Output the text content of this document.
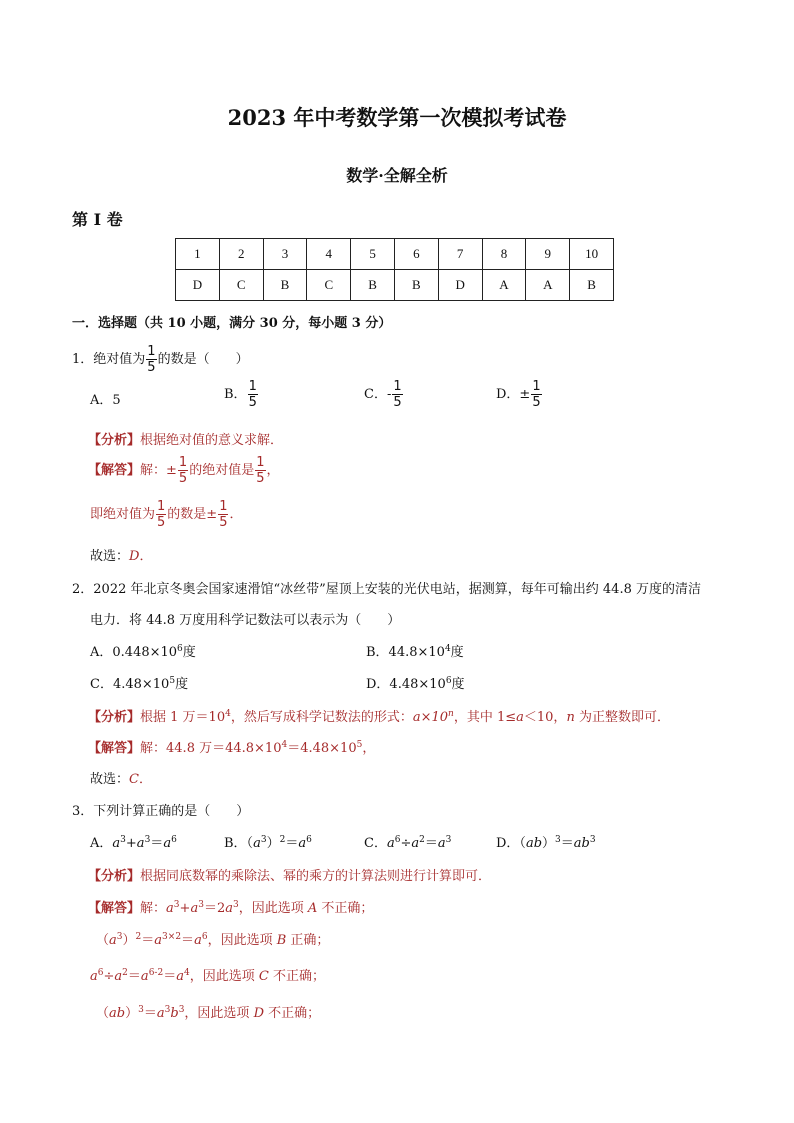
2023 年中考数学第一次模拟考试卷
数学·全解全析
第 I 卷
1	2	3	4	5	6	7	8	9	10
D	C	B	C	B	B	D	A	A	B
一．选择题（共 10 小题，满分 30 分，每小题 3 分）
1．绝对值为 $\frac{1}{5}$ 的数是（　　）
A．5	B． $\frac{1}{5}$	C．- $\frac{1}{5}$	D．± $\frac{1}{5}$
【分析】根据绝对值的意义求解．
【解答】解：± $\frac{1}{5}$ 的绝对值是 $\frac{1}{5}$ ，
即绝对值为 $\frac{1}{5}$ 的数是± $\frac{1}{5}$ ．
故选：D．
2．2022 年北京冬奥会国家速滑馆“冰丝带”屋顶上安装的光伏电站，据测算，每年可输出约 44.8 万度的清洁
电力．将 44.8 万度用科学记数法可以表示为（　　）
A．$0.448\times 10^6$度	B．$44.8\times 10^4$度
C．$4.48\times 10^5$度	D．$4.48\times 10^6$度
【分析】根据 1 万$=10^4$，然后写成科学记数法的形式：$a\times 10^n$，其中 1≤a＜10，n 为正整数即可．
【解答】解：44.8 万$=44.8\times 10^4=4.48\times 10^5$，
故选：C．
3．下列计算正确的是（　　）
A．$a^3+a^3=a^6$	B．$(a^3)^2=a^6$	C．$a^6\div a^2=a^3$	D．$(ab)^3=ab^3$
【分析】根据同底数幂的乘除法、幂的乘方的计算法则进行计算即可．
【解答】解：$a^3+a^3=2a^3$，因此选项 A 不正确；
$(a^3)^2=a^{3\times 2}=a^6$，因此选项 B 正确；
$a^6\div a^2=a^{6-2}=a^4$，因此选项 C 不正确；
$(ab)^3=a^3b^3$，因此选项 D 不正确；
